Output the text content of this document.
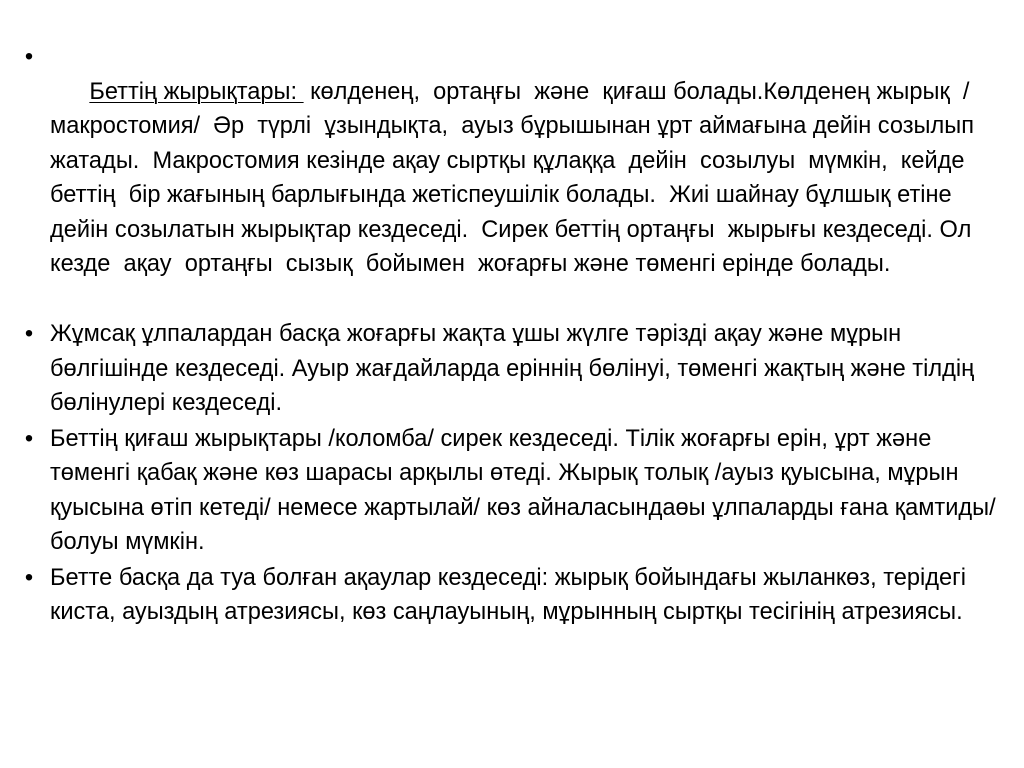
•
Беттің жырықтары:  көлденең,  ортаңғы  және  қиғаш болады.Көлденең жырық  /макростомия/  Әр  түрлі  ұзындықта,  ауыз бұрышынан ұрт аймағына дейін созылып жатады.  Макростомия кезінде ақау сыртқы құлаққа  дейін  созылуы  мүмкін,  кейде  беттің  бір жағының барлығында жетіспеушілік болады.  Жиі шайнау бұлшық етіне дейін созылатын жырықтар кездеседі.  Сирек беттің ортаңғы  жырығы кездеседі. Ол  кезде  ақау  ортаңғы  сызық  бойымен  жоғарғы және төменгі ерінде болады.

• Жұмсақ ұлпалардан басқа жоғарғы жақта ұшы жүлге тәрізді ақау және мұрын бөлгішінде кездеседі. Ауыр жағдайларда еріннің бөлінуі, төменгі жақтың және тілдің бөлінулері кездеседі.
• Беттің қиғаш жырықтары /коломба/ сирек кездеседі. Тілік жоғарғы ерін, ұрт және төменгі қабақ және көз шарасы арқылы өтеді. Жырық толық /ауыз қуысына, мұрын қуысына өтіп кетеді/ немесе жартылай/ көз айналасындаөы ұлпаларды ғана қамтиды/ болуы мүмкін.
• Бетте басқа да туа болған ақаулар кездеседі: жырық бойындағы жыланкөз, терідегі киста, ауыздың атрезиясы, көз саңлауының, мұрынның сыртқы тесігінің атрезиясы.
